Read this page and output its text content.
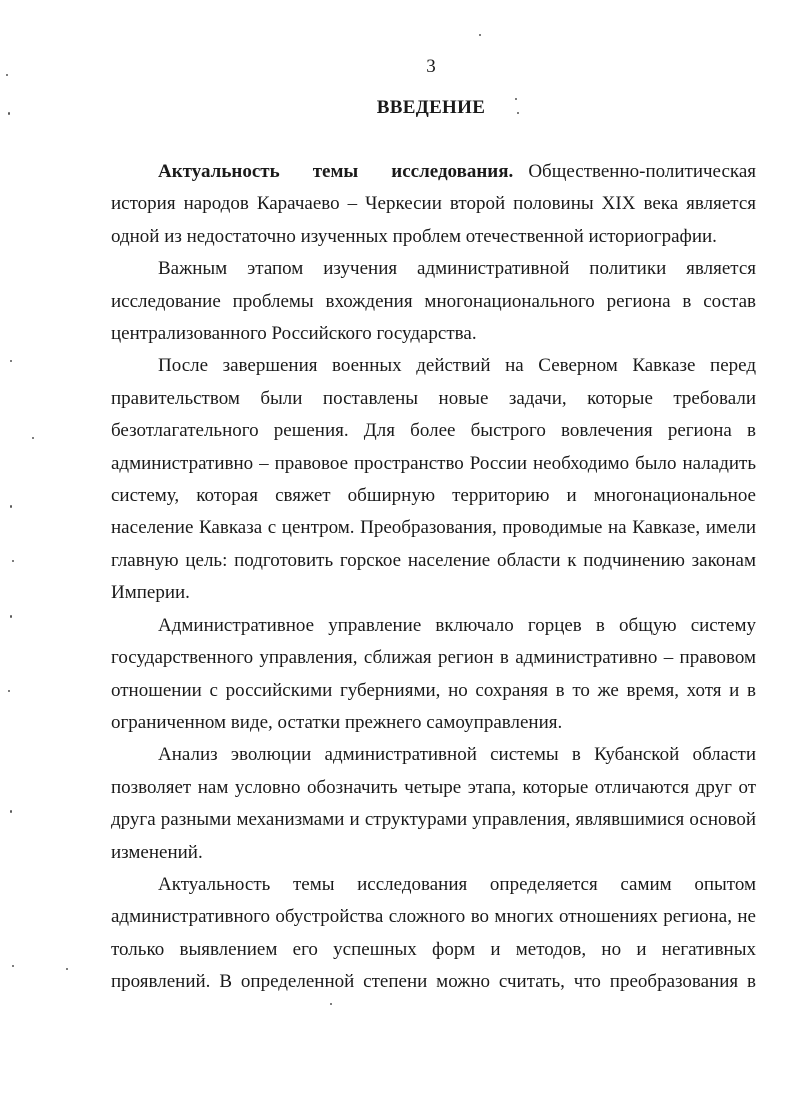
3
ВВЕДЕНИЕ

Актуальность темы исследования. Общественно-политическая история народов Карачаево – Черкесии второй половины XIX века является одной из недостаточно изученных проблем отечественной историографии.

Важным этапом изучения административной политики является исследование проблемы вхождения многонационального региона в состав централизованного Российского государства.

После завершения военных действий на Северном Кавказе перед правительством были поставлены новые задачи, которые требовали безотлагательного решения. Для более быстрого вовлечения региона в административно – правовое пространство России необходимо было наладить систему, которая свяжет обширную территорию и многонациональное население Кавказа с центром. Преобразования, проводимые на Кавказе, имели главную цель: подготовить горское население области к подчинению законам Империи.

Административное управление включало горцев в общую систему государственного управления, сближая регион в административно – правовом отношении с российскими губерниями, но сохраняя в то же время, хотя и в ограниченном виде, остатки прежнего самоуправления.

Анализ эволюции административной системы в Кубанской области позволяет нам условно обозначить четыре этапа, которые отличаются друг от друга разными механизмами и структурами управления, являвшимися основой изменений.

Актуальность темы исследования определяется самим опытом административного обустройства сложного во многих отношениях региона, не только выявлением его успешных форм и методов, но и негативных проявлений. В определенной степени можно считать, что преобразования в
